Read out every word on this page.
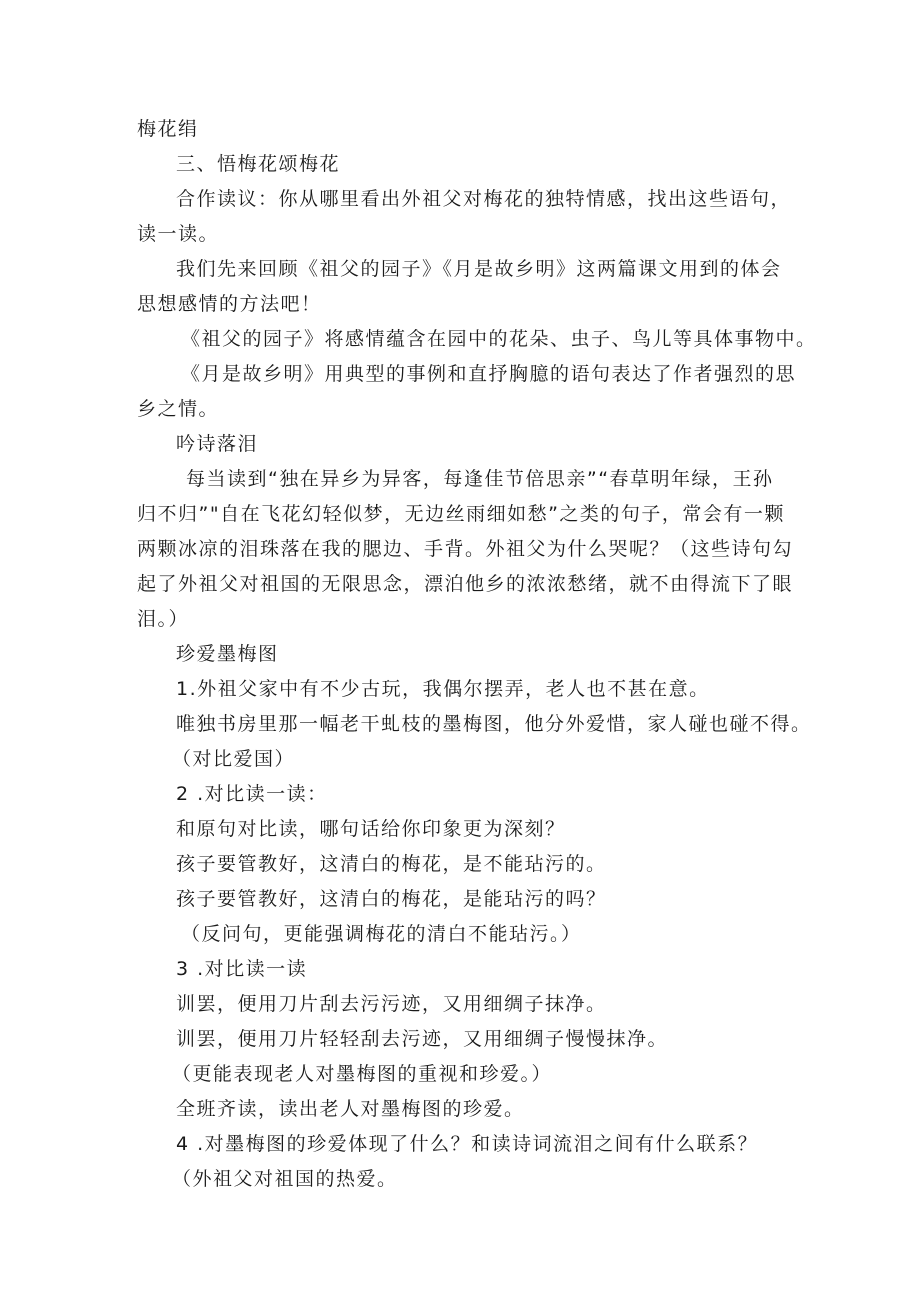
梅花绢
三、悟梅花颂梅花
合作读议：你从哪里看出外祖父对梅花的独特情感，找出这些语句，
读一读。
我们先来回顾《祖父的园子》《月是故乡明》这两篇课文用到的体会
思想感情的方法吧！
《祖父的园子》将感情蕴含在园中的花朵、虫子、鸟儿等具体事物中。
《月是故乡明》用典型的事例和直抒胸臆的语句表达了作者强烈的思
乡之情。
吟诗落泪
每当读到“独在异乡为异客，每逢佳节倍思亲”“春草明年绿，王孙
归不归”"自在飞花幻轻似梦，无边丝雨细如愁”之类的句子，常会有一颗
两颗冰凉的泪珠落在我的腮边、手背。外祖父为什么哭呢？（这些诗句勾
起了外祖父对祖国的无限思念，漂泊他乡的浓浓愁绪，就不由得流下了眼
泪。）
珍爱墨梅图
1.外祖父家中有不少古玩，我偶尔摆弄，老人也不甚在意。
唯独书房里那一幅老干虬枝的墨梅图，他分外爱惜，家人碰也碰不得。
（对比爱国）
2 .对比读一读：
和原句对比读，哪句话给你印象更为深刻？
孩子要管教好，这清白的梅花，是不能玷污的。
孩子要管教好，这清白的梅花，是能玷污的吗？
（反问句，更能强调梅花的清白不能玷污。）
3 .对比读一读
训罢，便用刀片刮去污污迹，又用细绸子抹净。
训罢，便用刀片轻轻刮去污迹，又用细绸子慢慢抹净。
（更能表现老人对墨梅图的重视和珍爱。）
全班齐读，读出老人对墨梅图的珍爱。
4 .对墨梅图的珍爱体现了什么？和读诗词流泪之间有什么联系？
（外祖父对祖国的热爱。
